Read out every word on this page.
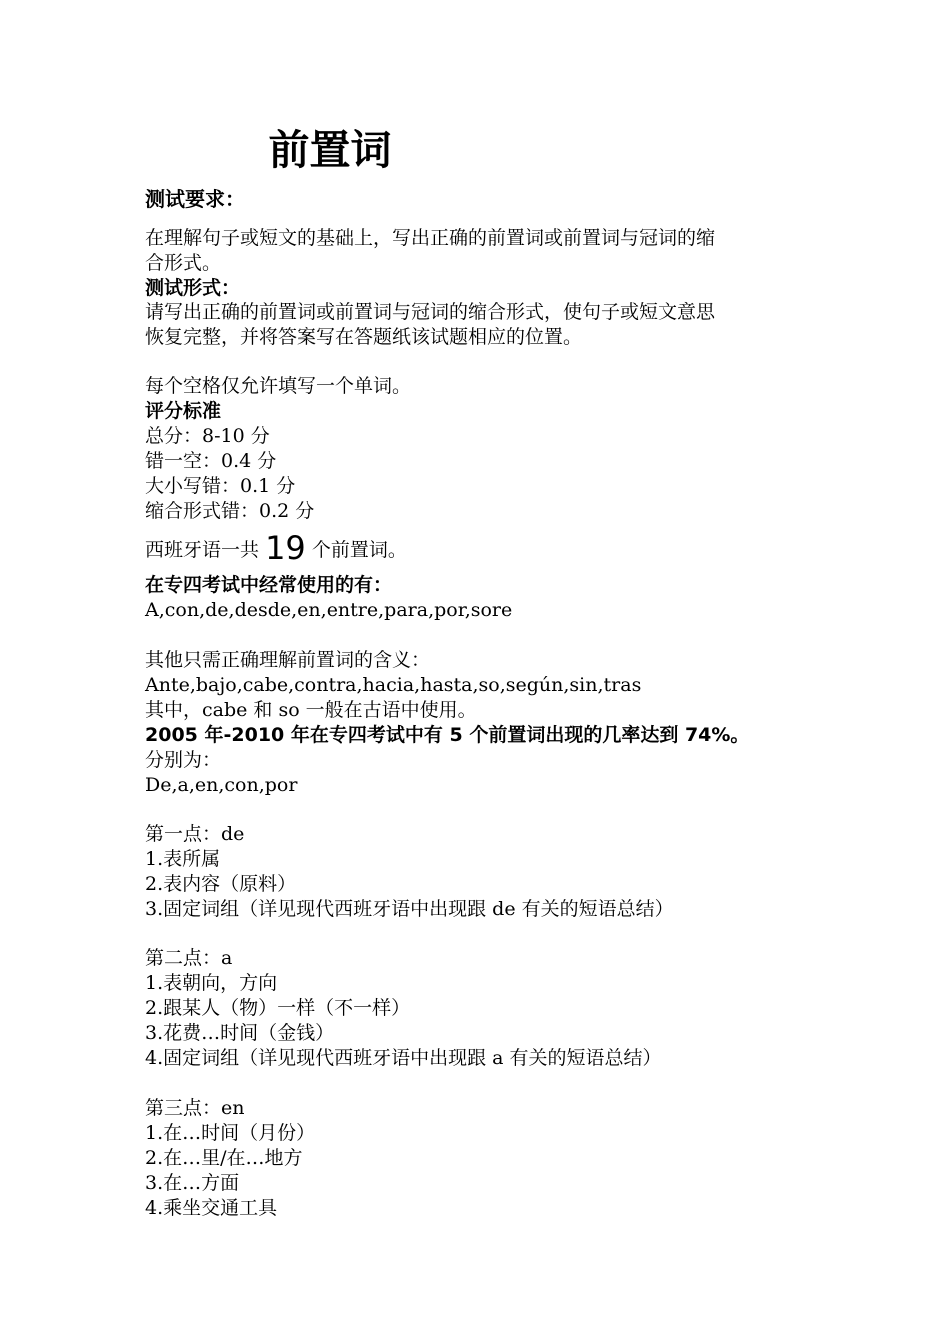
前置词
测试要求：
在理解句子或短文的基础上，写出正确的前置词或前置词与冠词的缩
合形式。
测试形式：
请写出正确的前置词或前置词与冠词的缩合形式，使句子或短文意思
恢复完整，并将答案写在答题纸该试题相应的位置。
每个空格仅允许填写一个单词。
评分标准
总分：8-10 分
错一空：0.4 分
大小写错：0.1 分
缩合形式错：0.2 分
西班牙语一共 19 个前置词。
在专四考试中经常使用的有：
A,con,de,desde,en,entre,para,por,sore
其他只需正确理解前置词的含义：
Ante,bajo,cabe,contra,hacia,hasta,so,según,sin,tras
其中，cabe 和 so 一般在古语中使用。
2005 年-2010 年在专四考试中有 5 个前置词出现的几率达到 74%。
分别为：
De,a,en,con,por
第一点：de
1.表所属
2.表内容（原料）
3.固定词组（详见现代西班牙语中出现跟 de 有关的短语总结）
第二点：a
1.表朝向，方向
2.跟某人（物）一样（不一样）
3.花费…时间（金钱）
4.固定词组（详见现代西班牙语中出现跟 a 有关的短语总结）
第三点：en
1.在…时间（月份）
2.在…里/在…地方
3.在…方面
4.乘坐交通工具
